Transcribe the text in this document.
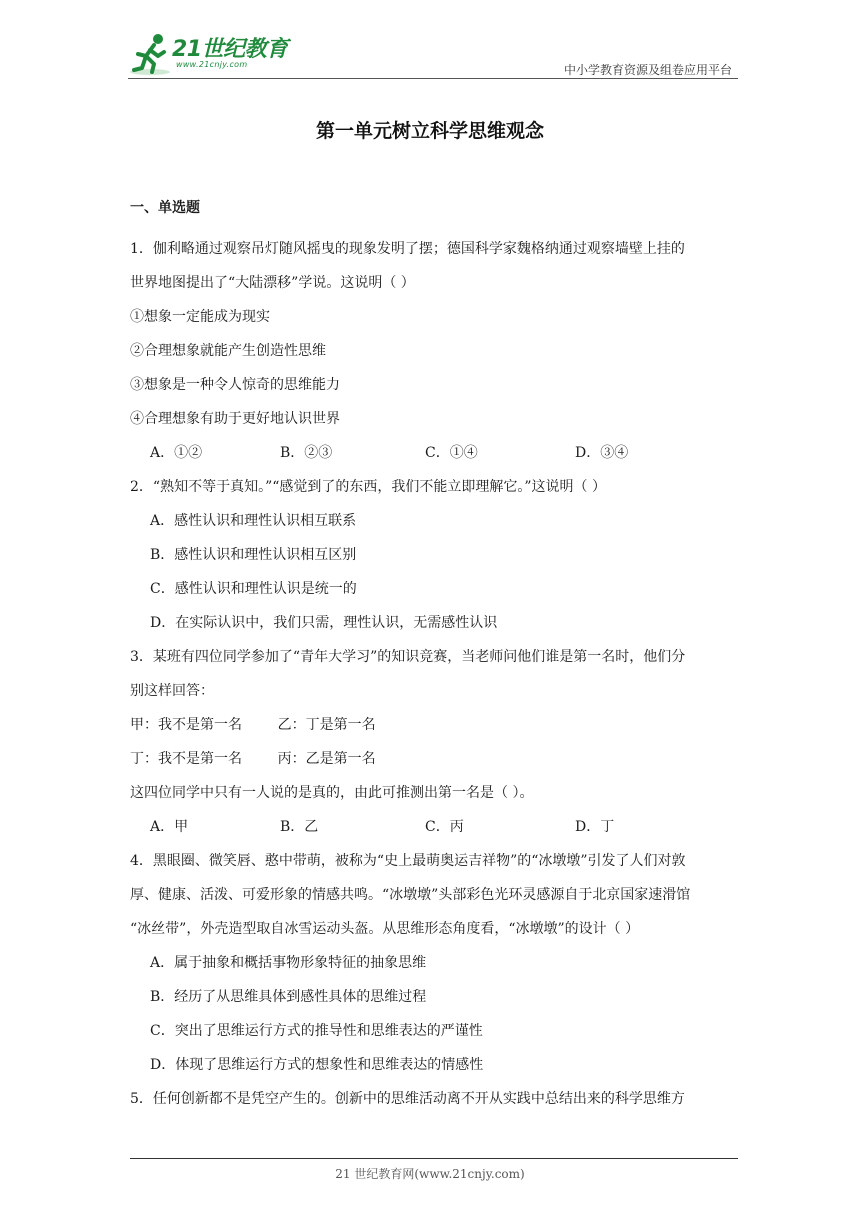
21世纪教育
www.21cnjy.com	中小学教育资源及组卷应用平台
第一单元树立科学思维观念
一、单选题
1．伽利略通过观察吊灯随风摇曳的现象发明了摆；德国科学家魏格纳通过观察墙壁上挂的
世界地图提出了“大陆漂移”学说。这说明（ ）
①想象一定能成为现实
②合理想象就能产生创造性思维
③想象是一种令人惊奇的思维能力
④合理想象有助于更好地认识世界
A．①②	B．②③	C．①④	D．③④
2．“熟知不等于真知。”“感觉到了的东西，我们不能立即理解它。”这说明（ ）
A．感性认识和理性认识相互联系
B．感性认识和理性认识相互区别
C．感性认识和理性认识是统一的
D．在实际认识中，我们只需，理性认识，无需感性认识
3．某班有四位同学参加了“青年大学习”的知识竞赛，当老师问他们谁是第一名时，他们分
别这样回答：
甲：我不是第一名        乙：丁是第一名
丁：我不是第一名        丙：乙是第一名
这四位同学中只有一人说的是真的，由此可推测出第一名是（ ）。
A．甲	B．乙	C．丙	D．丁
4．黑眼圈、微笑唇、憨中带萌，被称为“史上最萌奥运吉祥物”的“冰墩墩”引发了人们对敦
厚、健康、活泼、可爱形象的情感共鸣。“冰墩墩”头部彩色光环灵感源自于北京国家速滑馆
“冰丝带”，外壳造型取自冰雪运动头盔。从思维形态角度看，“冰墩墩”的设计（ ）
A．属于抽象和概括事物形象特征的抽象思维
B．经历了从思维具体到感性具体的思维过程
C．突出了思维运行方式的推导性和思维表达的严谨性
D．体现了思维运行方式的想象性和思维表达的情感性
5．任何创新都不是凭空产生的。创新中的思维活动离不开从实践中总结出来的科学思维方
21 世纪教育网(www.21cnjy.com)
